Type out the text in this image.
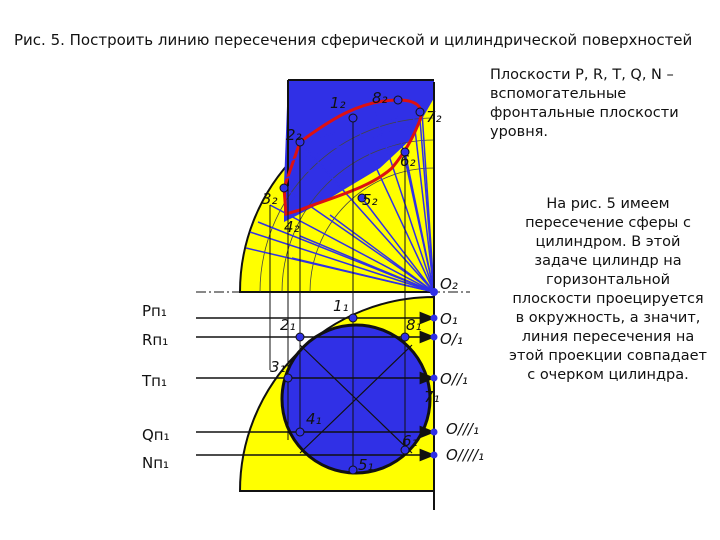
Рис. 5. Построить линию пересечения сферической и цилиндрической поверхностей
Плоскости P, R, T, Q, N – вспомогательные фронтальные плоскости уровня.
На рис. 5 имеем пересечение сферы с цилиндром. В этой задаче цилиндр на горизонтальной плоскости проецируется в окружность, а значит, линия пересечения на этой проекции совпадает с очерком цилиндра.
Pп₁
Rп₁
Tп₁
Qп₁
Nп₁
1₂
2₂
3₂
4₂
5₂
6₂
7₂
8₂
1₁
2₁
3₁
4₁
5₁
6₁
7₁
8₁
O₂
O₁
O/₁
O//₁
O///₁
O////₁
